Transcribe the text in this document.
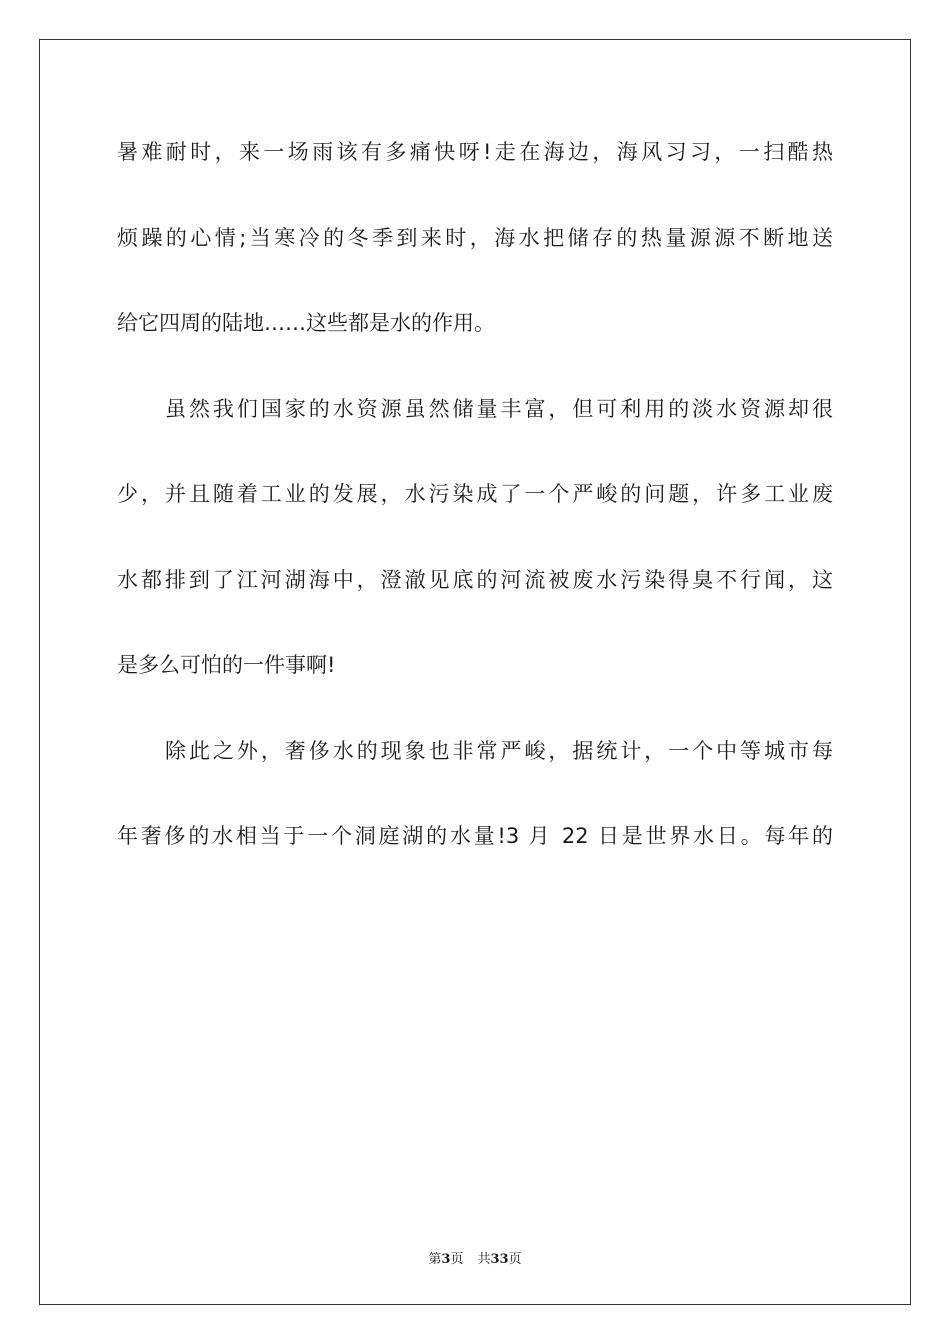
暑难耐时，来一场雨该有多痛快呀!走在海边，海风习习，一扫酷热
烦躁的心情;当寒冷的冬季到来时，海水把储存的热量源源不断地送
给它四周的陆地……这些都是水的作用。
虽然我们国家的水资源虽然储量丰富，但可利用的淡水资源却很
少，并且随着工业的发展，水污染成了一个严峻的问题，许多工业废
水都排到了江河湖海中，澄澈见底的河流被废水污染得臭不行闻，这
是多么可怕的一件事啊!
除此之外，奢侈水的现象也非常严峻，据统计，一个中等城市每
年奢侈的水相当于一个洞庭湖的水量!3 月 22 日是世界水日。每年的
第3页 共33页
